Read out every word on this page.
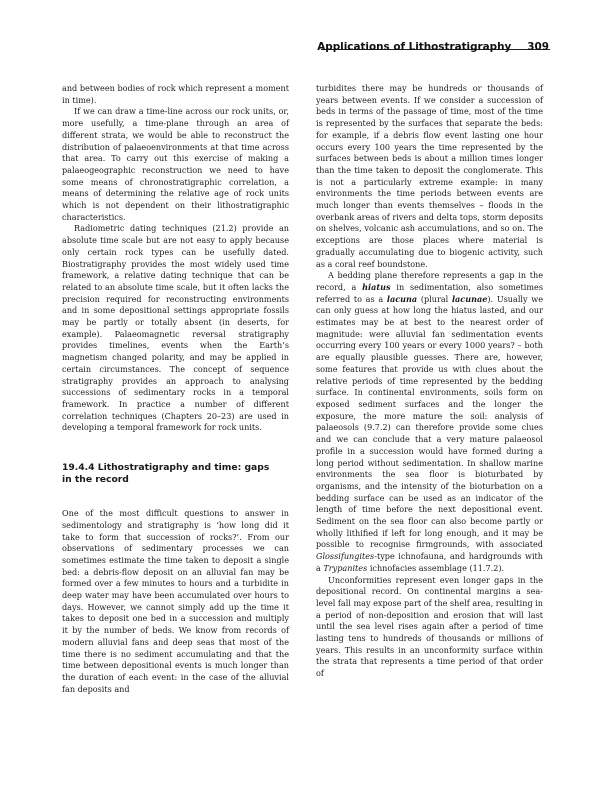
Applications of Lithostratigraphy 309

and between bodies of rock which represent a moment in time).

If we can draw a time-line across our rock units, or, more usefully, a time-plane through an area of different strata, we would be able to reconstruct the distribution of palaeoenvironments at that time across that area. To carry out this exercise of making a palaeogeographic reconstruction we need to have some means of chronostratigraphic correlation, a means of determining the relative age of rock units which is not dependent on their lithostratigraphic characteristics.

Radiometric dating techniques (21.2) provide an absolute time scale but are not easy to apply because only certain rock types can be usefully dated. Biostratigraphy provides the most widely used time framework, a relative dating technique that can be related to an absolute time scale, but it often lacks the precision required for reconstructing environments and in some depositional settings appropriate fossils may be partly or totally absent (in deserts, for example). Palaeomagnetic reversal stratigraphy provides timelines, events when the Earth’s magnetism changed polarity, and may be applied in certain circumstances. The concept of sequence stratigraphy provides an approach to analysing successions of sedimentary rocks in a temporal framework. In practice a number of different correlation techniques (Chapters 20–23) are used in developing a temporal framework for rock units.

19.4.4 Lithostratigraphy and time: gaps
in the record

One of the most difficult questions to answer in sedimentology and stratigraphy is ‘how long did it take to form that succession of rocks?’. From our observations of sedimentary processes we can sometimes estimate the time taken to deposit a single bed: a debris-flow deposit on an alluvial fan may be formed over a few minutes to hours and a turbidite in deep water may have been accumulated over hours to days. However, we cannot simply add up the time it takes to deposit one bed in a succession and multiply it by the number of beds. We know from records of modern alluvial fans and deep seas that most of the time there is no sediment accumulating and that the time between depositional events is much longer than the duration of each event: in the case of the alluvial fan deposits and

turbidites there may be hundreds or thousands of years between events. If we consider a succession of beds in terms of the passage of time, most of the time is represented by the surfaces that separate the beds: for example, if a debris flow event lasting one hour occurs every 100 years the time represented by the surfaces between beds is about a million times longer than the time taken to deposit the conglomerate. This is not a particularly extreme example: in many environments the time periods between events are much longer than events themselves – floods in the overbank areas of rivers and delta tops, storm deposits on shelves, volcanic ash accumulations, and so on. The exceptions are those places where material is gradually accumulating due to biogenic activity, such as a coral reef boundstone.

A bedding plane therefore represents a gap in the record, a hiatus in sedimentation, also sometimes referred to as a lacuna (plural lacunae). Usually we can only guess at how long the hiatus lasted, and our estimates may be at best to the nearest order of magnitude: were alluvial fan sedimentation events occurring every 100 years or every 1000 years? – both are equally plausible guesses. There are, however, some features that provide us with clues about the relative periods of time represented by the bedding surface. In continental environments, soils form on exposed sediment surfaces and the longer the exposure, the more mature the soil: analysis of palaeosols (9.7.2) can therefore provide some clues and we can conclude that a very mature palaeosol profile in a succession would have formed during a long period without sedimentation. In shallow marine environments the sea floor is bioturbated by organisms, and the intensity of the bioturbation on a bedding surface can be used as an indicator of the length of time before the next depositional event. Sediment on the sea floor can also become partly or wholly lithified if left for long enough, and it may be possible to recognise firmgrounds, with associated Glossifungites-type ichnofauna, and hardgrounds with a Trypanites ichnofacies assemblage (11.7.2).

Unconformities represent even longer gaps in the depositional record. On continental margins a sea-level fall may expose part of the shelf area, resulting in a period of non-deposition and erosion that will last until the sea level rises again after a period of time lasting tens to hundreds of thousands or millions of years. This results in an unconformity surface within the strata that represents a time period of that order of
